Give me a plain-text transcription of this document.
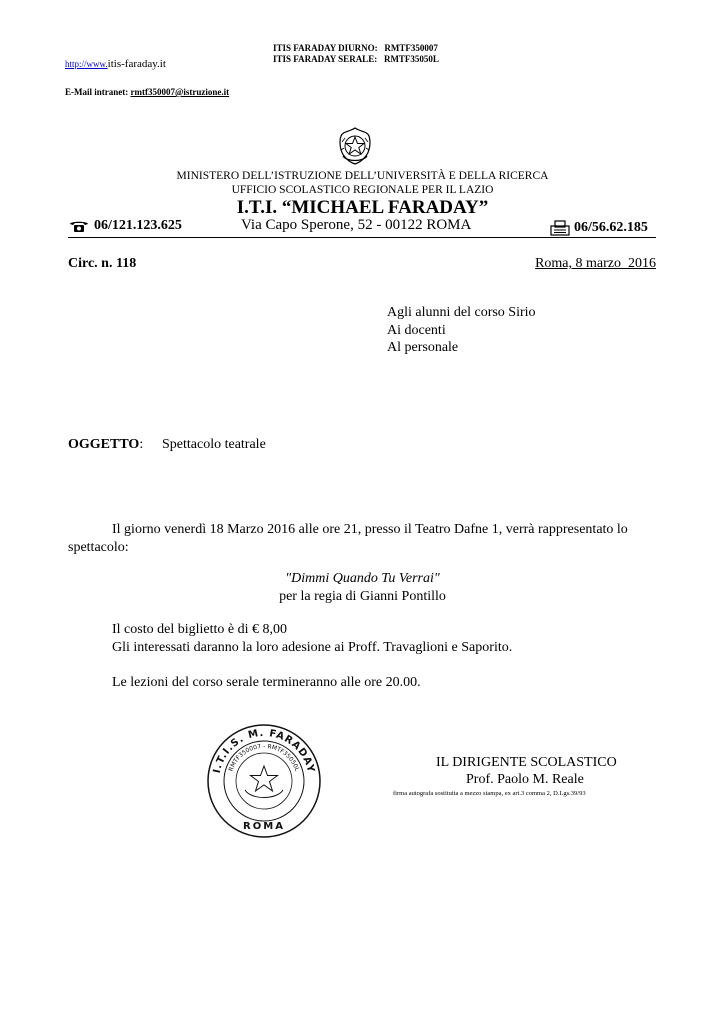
http://www.itis-faraday.it
ITIS FARADAY DIURNO:   RMTF350007
ITIS FARADAY SERALE:   RMTF35050L
E-Mail intranet: rmtf350007@istruzione.it
MINISTERO DELL’ISTRUZIONE DELL’UNIVERSITÀ E DELLA RICERCA
UFFICIO SCOLASTICO REGIONALE PER IL LAZIO
I.T.I. “MICHAEL FARADAY”
06/121.123.625	Via Capo Sperone, 52 - 00122 ROMA	06/56.62.185
Circ. n. 118	Roma, 8 marzo  2016
Agli alunni del corso Sirio
Ai docenti
Al personale
OGGETTO: Spettacolo teatrale
Il giorno venerdì 18 Marzo 2016 alle ore 21, presso il Teatro Dafne 1, verrà rappresentato lo
spettacolo:
"Dimmi Quando Tu Verrai"
per la regia di Gianni Pontillo
Il costo del biglietto è di € 8,00
Gli interessati daranno la loro adesione ai Proff. Travaglioni e Saporito.
Le lezioni del corso serale termineranno alle ore 20.00.
I.T.I.S. M. FARADAY
RMTF350007 - RMTF35050L
ROMA
IL DIRIGENTE SCOLASTICO
Prof. Paolo M. Reale
firma autografa sostituita a mezzo stampa, ex art.3 comma 2, D.Lgs.39/93
